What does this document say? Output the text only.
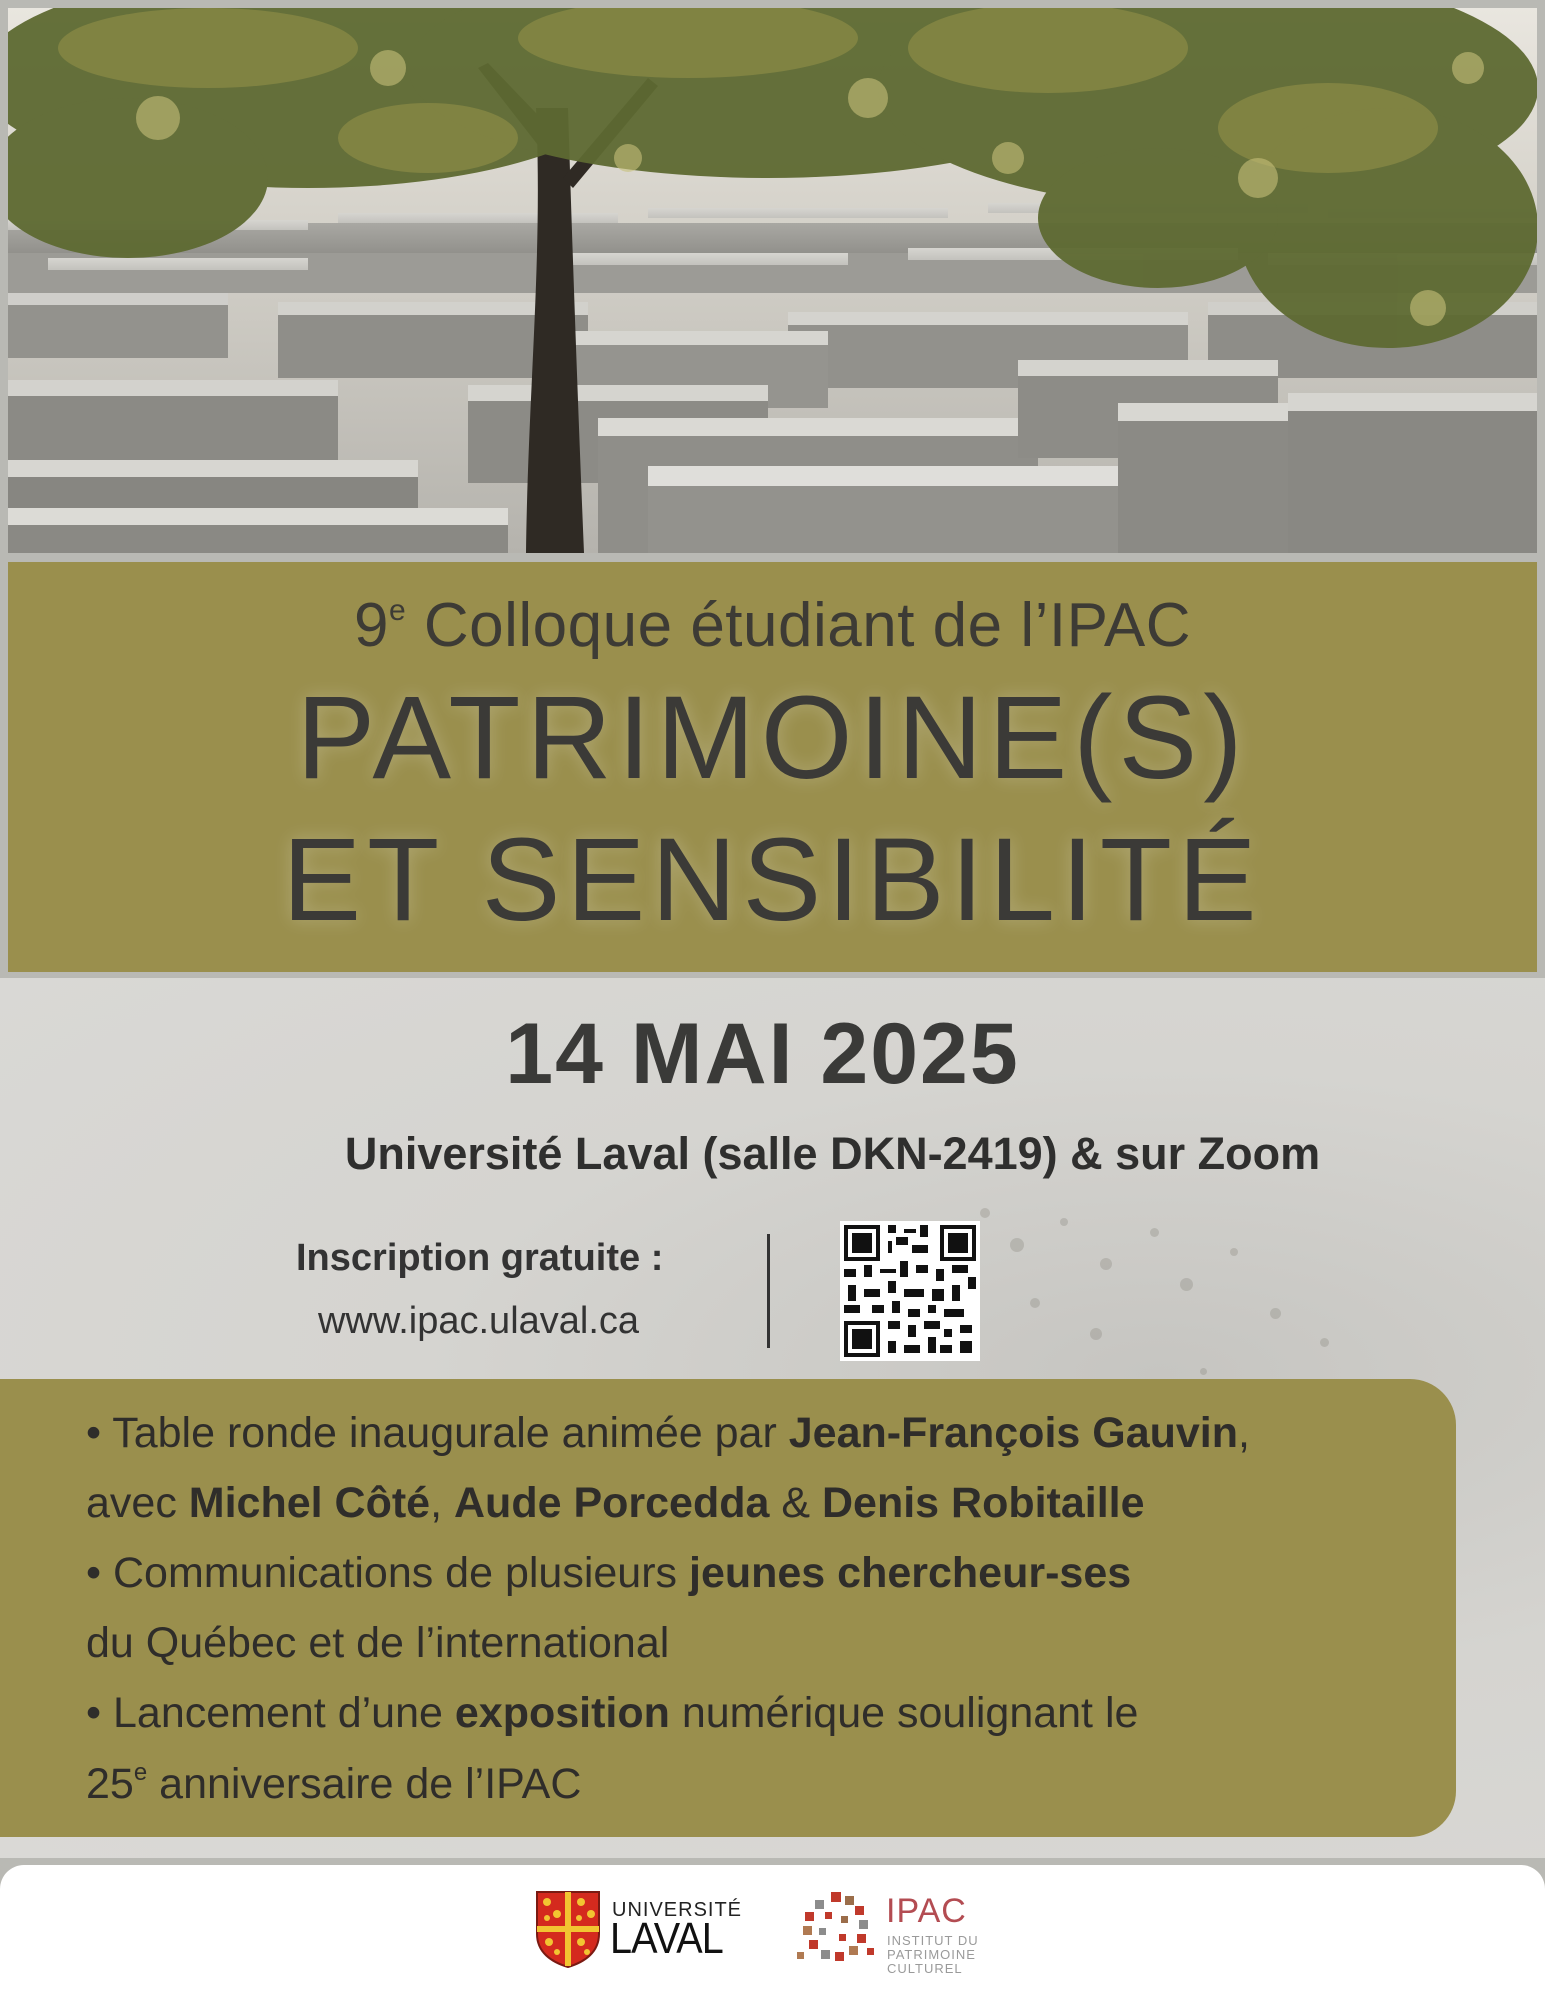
9e Colloque étudiant de l’IPAC
PATRIMOINE(S)
ET SENSIBILITÉ
14 MAI 2025
Université Laval (salle DKN-2419) & sur Zoom
Inscription gratuite :
www.ipac.ulaval.ca
• Table ronde inaugurale animée par Jean-François Gauvin,
avec Michel Côté, Aude Porcedda & Denis Robitaille
• Communications de plusieurs jeunes chercheur-ses
du Québec et de l’international
• Lancement d’une exposition numérique soulignant le
25e anniversaire de l’IPAC
UNIVERSITÉ
LAVAL
IPAC
INSTITUT DU
PATRIMOINE
CULTUREL
